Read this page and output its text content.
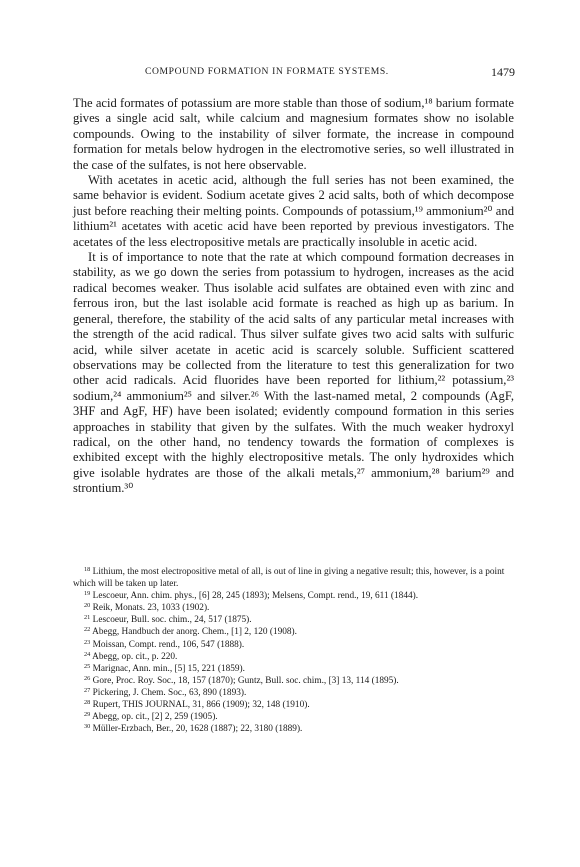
COMPOUND FORMATION IN FORMATE SYSTEMS.	1479

The acid formates of potassium are more stable than those of sodium,¹⁸ barium formate gives a single acid salt, while calcium and magnesium formates show no isolable compounds. Owing to the instability of silver formate, the increase in compound formation for metals below hydrogen in the electromotive series, so well illustrated in the case of the sulfates, is not here observable.

With acetates in acetic acid, although the full series has not been examined, the same behavior is evident. Sodium acetate gives 2 acid salts, both of which decompose just before reaching their melting points. Compounds of potassium,¹⁹ ammonium²⁰ and lithium²¹ acetates with acetic acid have been reported by previous investigators. The acetates of the less electropositive metals are practically insoluble in acetic acid.

It is of importance to note that the rate at which compound formation decreases in stability, as we go down the series from potassium to hydrogen, increases as the acid radical becomes weaker. Thus isolable acid sulfates are obtained even with zinc and ferrous iron, but the last isolable acid formate is reached as high up as barium. In general, therefore, the stability of the acid salts of any particular metal increases with the strength of the acid radical. Thus silver sulfate gives two acid salts with sulfuric acid, while silver acetate in acetic acid is scarcely soluble. Sufficient scattered observations may be collected from the literature to test this generalization for two other acid radicals. Acid fluorides have been reported for lithium,²² potassium,²³ sodium,²⁴ ammonium²⁵ and silver.²⁶ With the last-named metal, 2 compounds (AgF, 3HF and AgF, HF) have been isolated; evidently compound formation in this series approaches in stability that given by the sulfates. With the much weaker hydroxyl radical, on the other hand, no tendency towards the formation of complexes is exhibited except with the highly electropositive metals. The only hydroxides which give isolable hydrates are those of the alkali metals,²⁷ ammonium,²⁸ barium²⁹ and strontium.³⁰

$^{18}$ Lithium, the most electropositive metal of all, is out of line in giving a negative result; this, however, is a point which will be taken up later.

$^{19}$ Lescoeur, Ann. chim. phys., [6] 28, 245 (1893); Melsens, Compt. rend., 19, 611 (1844).

$^{20}$ Reik, Monats. 23, 1033 (1902).

$^{21}$ Lescoeur, Bull. soc. chim., 24, 517 (1875).

$^{22}$ Abegg, Handbuch der anorg. Chem., [1] 2, 120 (1908).

$^{23}$ Moissan, Compt. rend., 106, 547 (1888).

$^{24}$ Abegg, op. cit., p. 220.

$^{25}$ Marignac, Ann. min., [5] 15, 221 (1859).

$^{26}$ Gore, Proc. Roy. Soc., 18, 157 (1870); Guntz, Bull. soc. chim., [3] 13, 114 (1895).

$^{27}$ Pickering, J. Chem. Soc., 63, 890 (1893).

$^{28}$ Rupert, THIS JOURNAL, 31, 866 (1909); 32, 148 (1910).

$^{29}$ Abegg, op. cit., [2] 2, 259 (1905).

$^{30}$ Müller-Erzbach, Ber., 20, 1628 (1887); 22, 3180 (1889).
